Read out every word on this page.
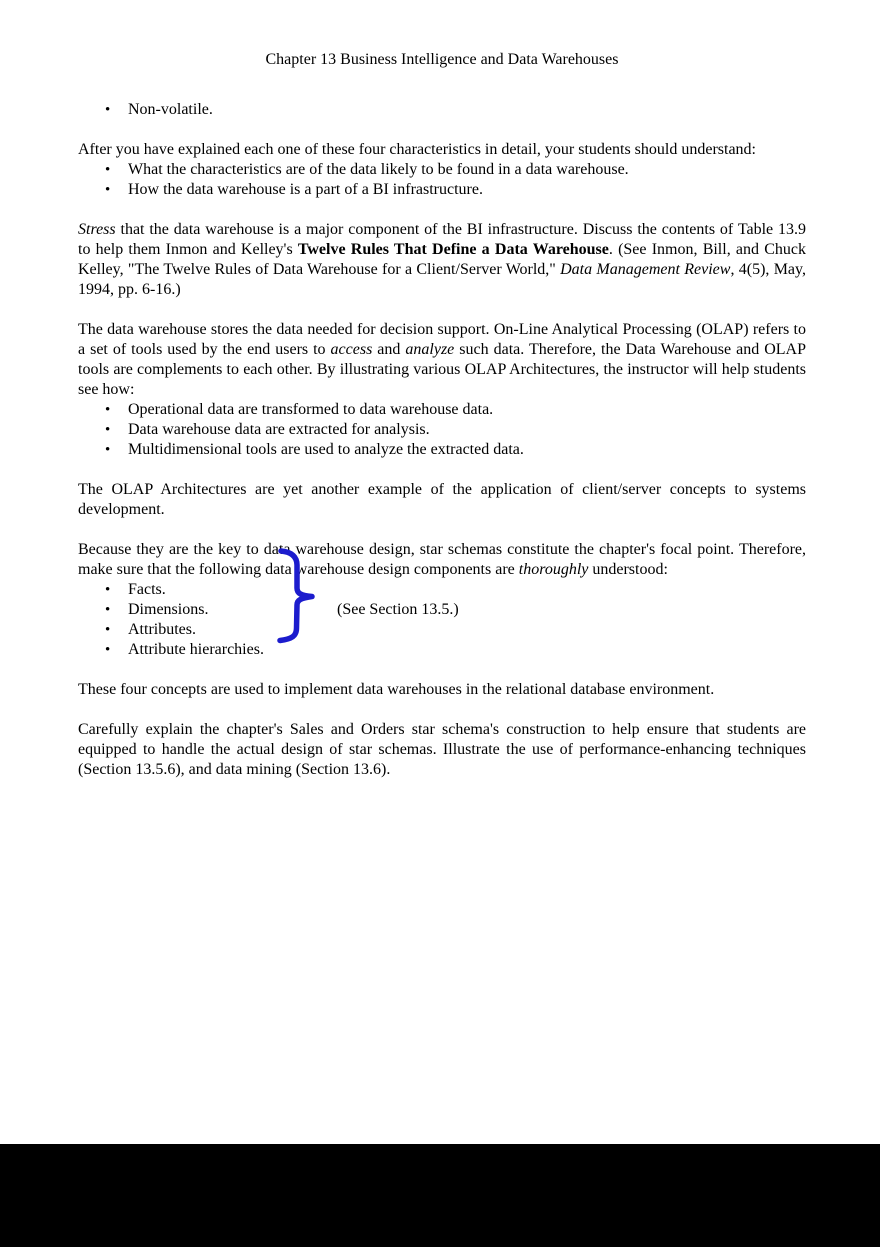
Chapter 13 Business Intelligence and Data Warehouses
•	Non-volatile.

After you have explained each one of these four characteristics in detail, your students should understand:

•	What the characteristics are of the data likely to be found in a data warehouse.
•	How the data warehouse is a part of a BI infrastructure.

Stress that the data warehouse is a major component of the BI infrastructure. Discuss the contents of Table 13.9 to help them Inmon and Kelley's Twelve Rules That Define a Data Warehouse. (See Inmon, Bill, and Chuck Kelley, "The Twelve Rules of Data Warehouse for a Client/Server World," Data Management Review, 4(5), May, 1994, pp. 6-16.)

The data warehouse stores the data needed for decision support. On-Line Analytical Processing (OLAP) refers to a set of tools used by the end users to access and analyze such data. Therefore, the Data Warehouse and OLAP tools are complements to each other. By illustrating various OLAP Architectures, the instructor will help students see how:

•	Operational data are transformed to data warehouse data.
•	Data warehouse data are extracted for analysis.
•	Multidimensional tools are used to analyze the extracted data.

The OLAP Architectures are yet another example of the application of client/server concepts to systems development.

Because they are the key to data warehouse design, star schemas constitute the chapter's focal point. Therefore, make sure that the following data warehouse design components are thoroughly understood:

•	Facts.
•	Dimensions.	(See Section 13.5.)
•	Attributes.
•	Attribute hierarchies.

These four concepts are used to implement data warehouses in the relational database environment.

Carefully explain the chapter's Sales and Orders star schema's construction to help ensure that students are equipped to handle the actual design of star schemas. Illustrate the use of performance-enhancing techniques (Section 13.5.6), and data mining (Section 13.6).
